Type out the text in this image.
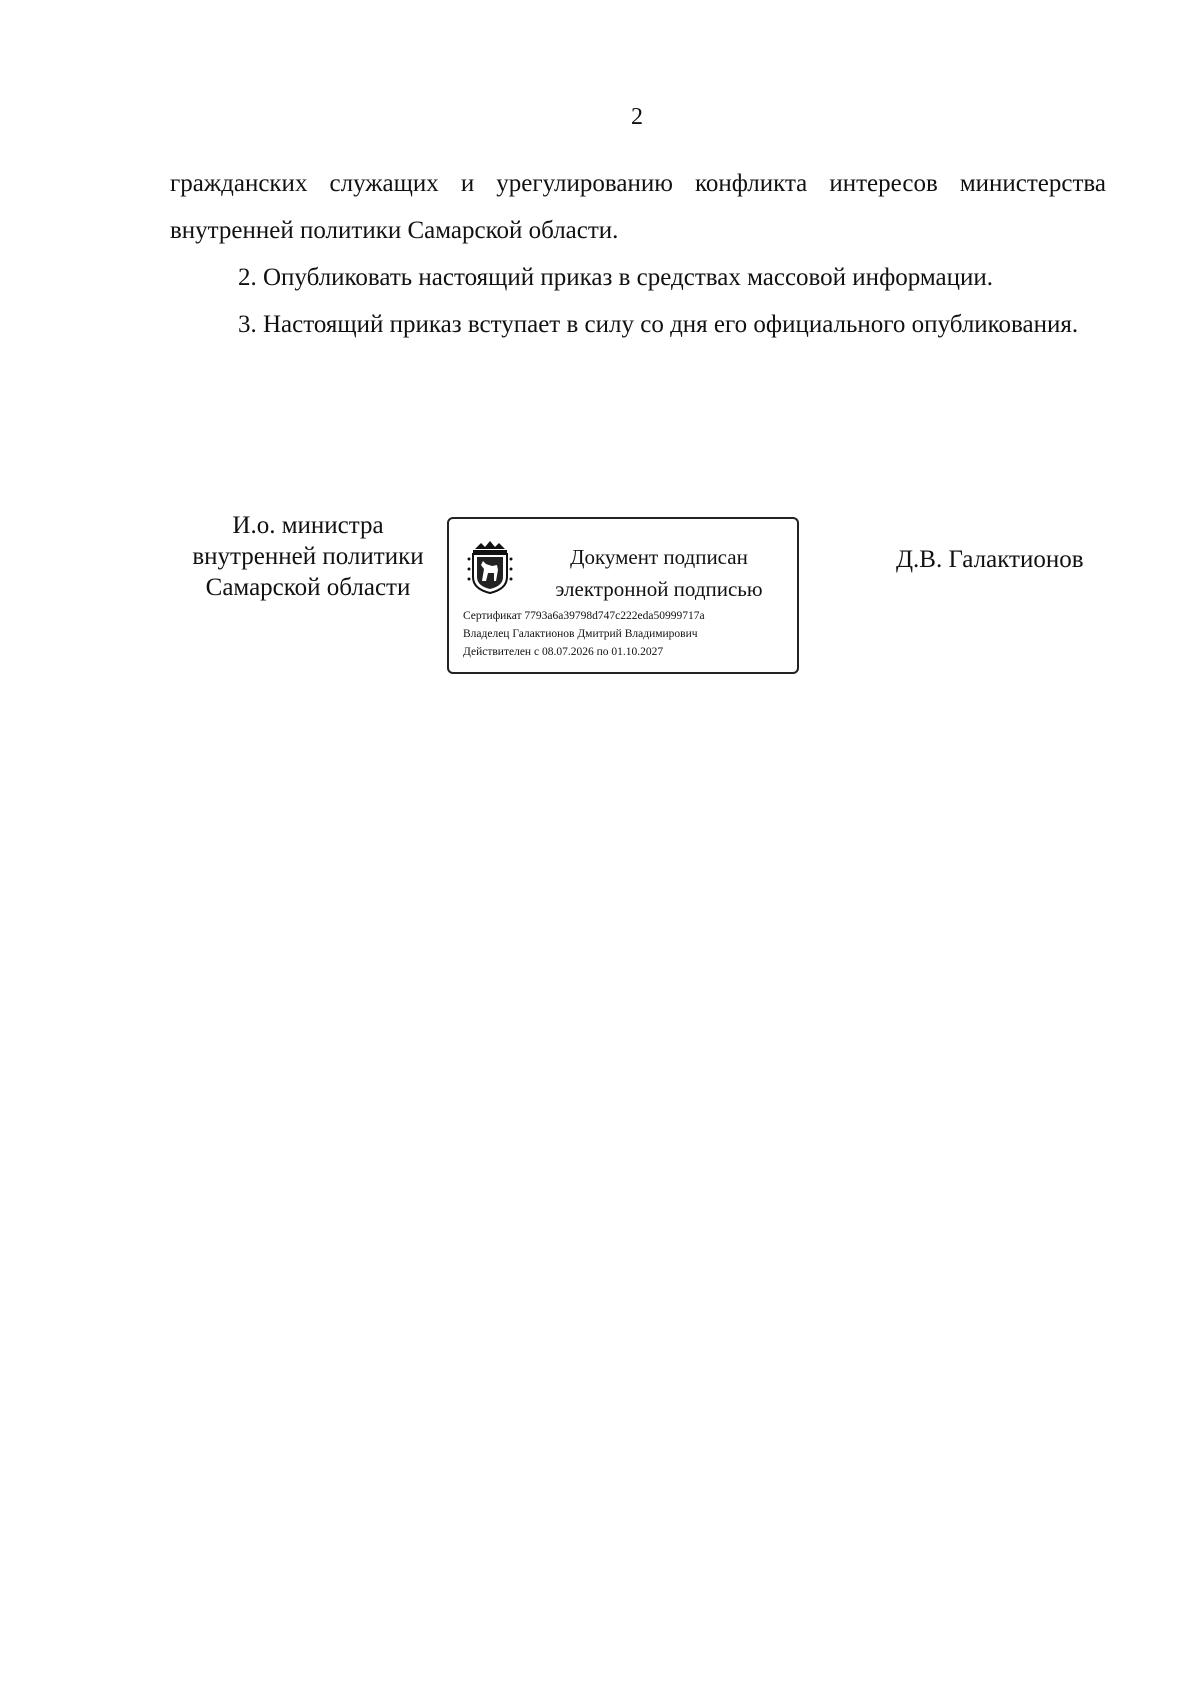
2

гражданских служащих и урегулированию конфликта интересов министерства внутренней политики Самарской области.

2. Опубликовать настоящий приказ в средствах массовой информации.

3. Настоящий приказ вступает в силу со дня его официального опубликования.

И.о. министра
внутренней политики
Самарской области
Документ подписан
электронной подписью
Сертификат 7793a6a39798d747c222eda50999717a
Владелец Галактионов Дмитрий Владимирович
Действителен с 08.07.2026 по 01.10.2027
Д.В. Галактионов
